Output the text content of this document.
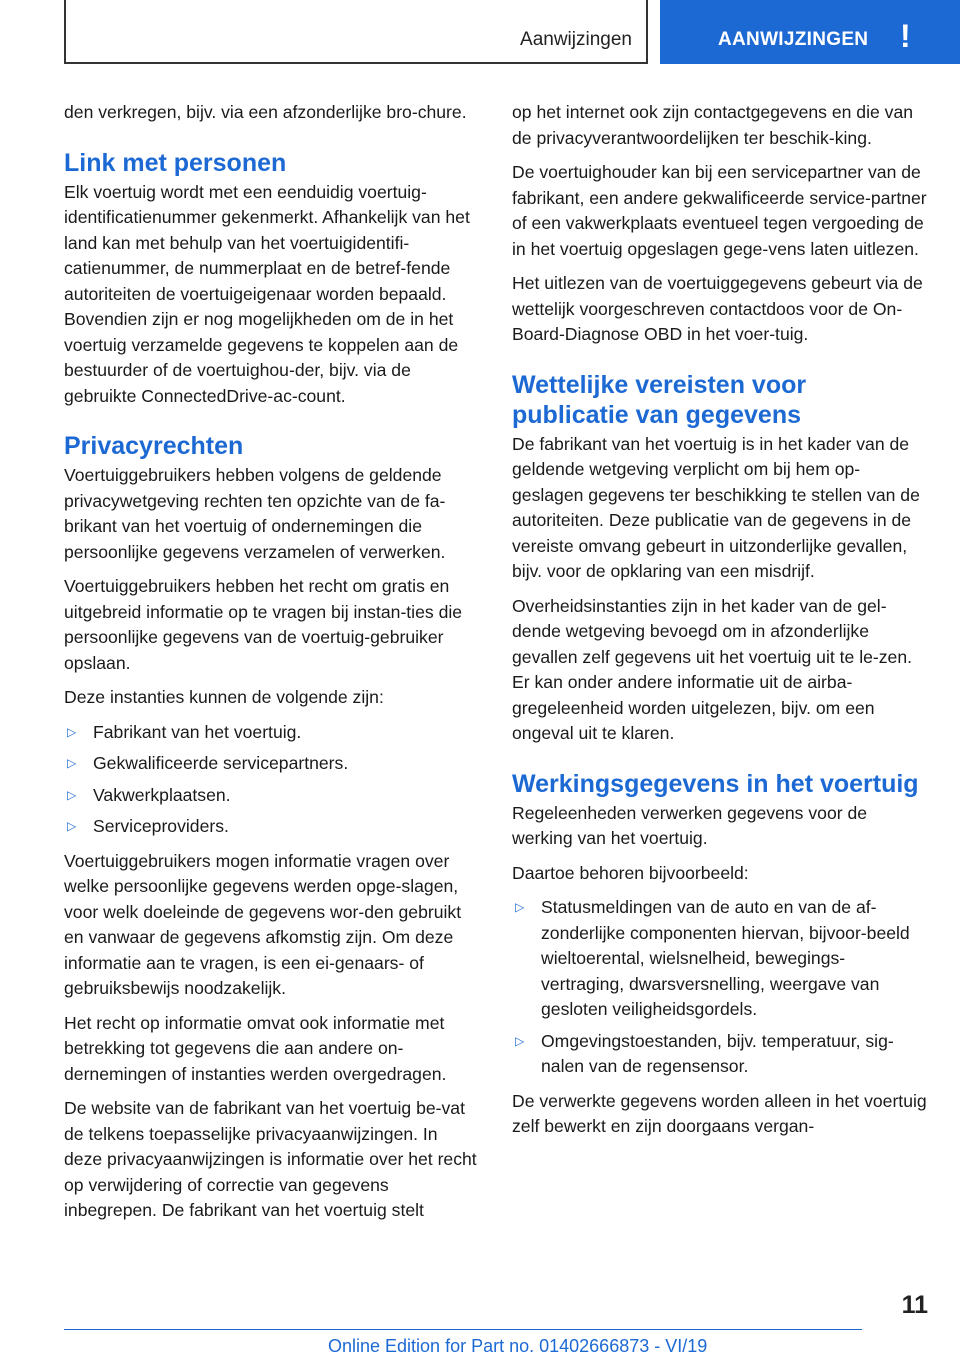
Aanwijzingen	AANWIJZINGEN !

den verkregen, bijv. via een afzonderlijke bro-chure.

Link met personen

Elk voertuig wordt met een eenduidig voertuig-identificatienummer gekenmerkt. Afhankelijk van het land kan met behulp van het voertuigidentifi-catienummer, de nummerplaat en de betref-fende autoriteiten de voertuigeigenaar worden bepaald. Bovendien zijn er nog mogelijkheden om de in het voertuig verzamelde gegevens te koppelen aan de bestuurder of de voertuighou-der, bijv. via de gebruikte ConnectedDrive-ac-count.

Privacyrechten

Voertuiggebruikers hebben volgens de geldende privacywetgeving rechten ten opzichte van de fa-brikant van het voertuig of ondernemingen die persoonlijke gegevens verzamelen of verwerken.

Voertuiggebruikers hebben het recht om gratis en uitgebreid informatie op te vragen bij instan-ties die persoonlijke gegevens van de voertuig-gebruiker opslaan.

Deze instanties kunnen de volgende zijn:

▷ Fabrikant van het voertuig.
▷ Gekwalificeerde servicepartners.
▷ Vakwerkplaatsen.
▷ Serviceproviders.

Voertuiggebruikers mogen informatie vragen over welke persoonlijke gegevens werden opge-slagen, voor welk doeleinde de gegevens wor-den gebruikt en vanwaar de gegevens afkomstig zijn. Om deze informatie aan te vragen, is een ei-genaars- of gebruiksbewijs noodzakelijk.

Het recht op informatie omvat ook informatie met betrekking tot gegevens die aan andere on-dernemingen of instanties werden overgedragen.

De website van de fabrikant van het voertuig be-vat de telkens toepasselijke privacyaanwijzingen. In deze privacyaanwijzingen is informatie over het recht op verwijdering of correctie van gegevens inbegrepen. De fabrikant van het voertuig stelt

op het internet ook zijn contactgegevens en die van de privacyverantwoordelijken ter beschik-king.

De voertuighouder kan bij een servicepartner van de fabrikant, een andere gekwalificeerde service-partner of een vakwerkplaats eventueel tegen vergoeding de in het voertuig opgeslagen gege-vens laten uitlezen.

Het uitlezen van de voertuiggegevens gebeurt via de wettelijk voorgeschreven contactdoos voor de On-Board-Diagnose OBD in het voer-tuig.

Wettelijke vereisten voor publicatie van gegevens

De fabrikant van het voertuig is in het kader van de geldende wetgeving verplicht om bij hem op-geslagen gegevens ter beschikking te stellen van de autoriteiten. Deze publicatie van de gegevens in de vereiste omvang gebeurt in uitzonderlijke gevallen, bijv. voor de opklaring van een misdrijf.

Overheidsinstanties zijn in het kader van de gel-dende wetgeving bevoegd om in afzonderlijke gevallen zelf gegevens uit het voertuig uit te le-zen. Er kan onder andere informatie uit de airba-gregeleenheid worden uitgelezen, bijv. om een ongeval uit te klaren.

Werkingsgegevens in het voertuig

Regeleenheden verwerken gegevens voor de werking van het voertuig.

Daartoe behoren bijvoorbeeld:

▷ Statusmeldingen van de auto en van de af-zonderlijke componenten hiervan, bijvoor-beeld wieltoerental, wielsnelheid, bewegings-vertraging, dwarsversnelling, weergave van gesloten veiligheidsgordels.
▷ Omgevingstoestanden, bijv. temperatuur, sig-nalen van de regensensor.

De verwerkte gegevens worden alleen in het voertuig zelf bewerkt en zijn doorgaans vergan-

11
Online Edition for Part no. 01402666873 - VI/19
